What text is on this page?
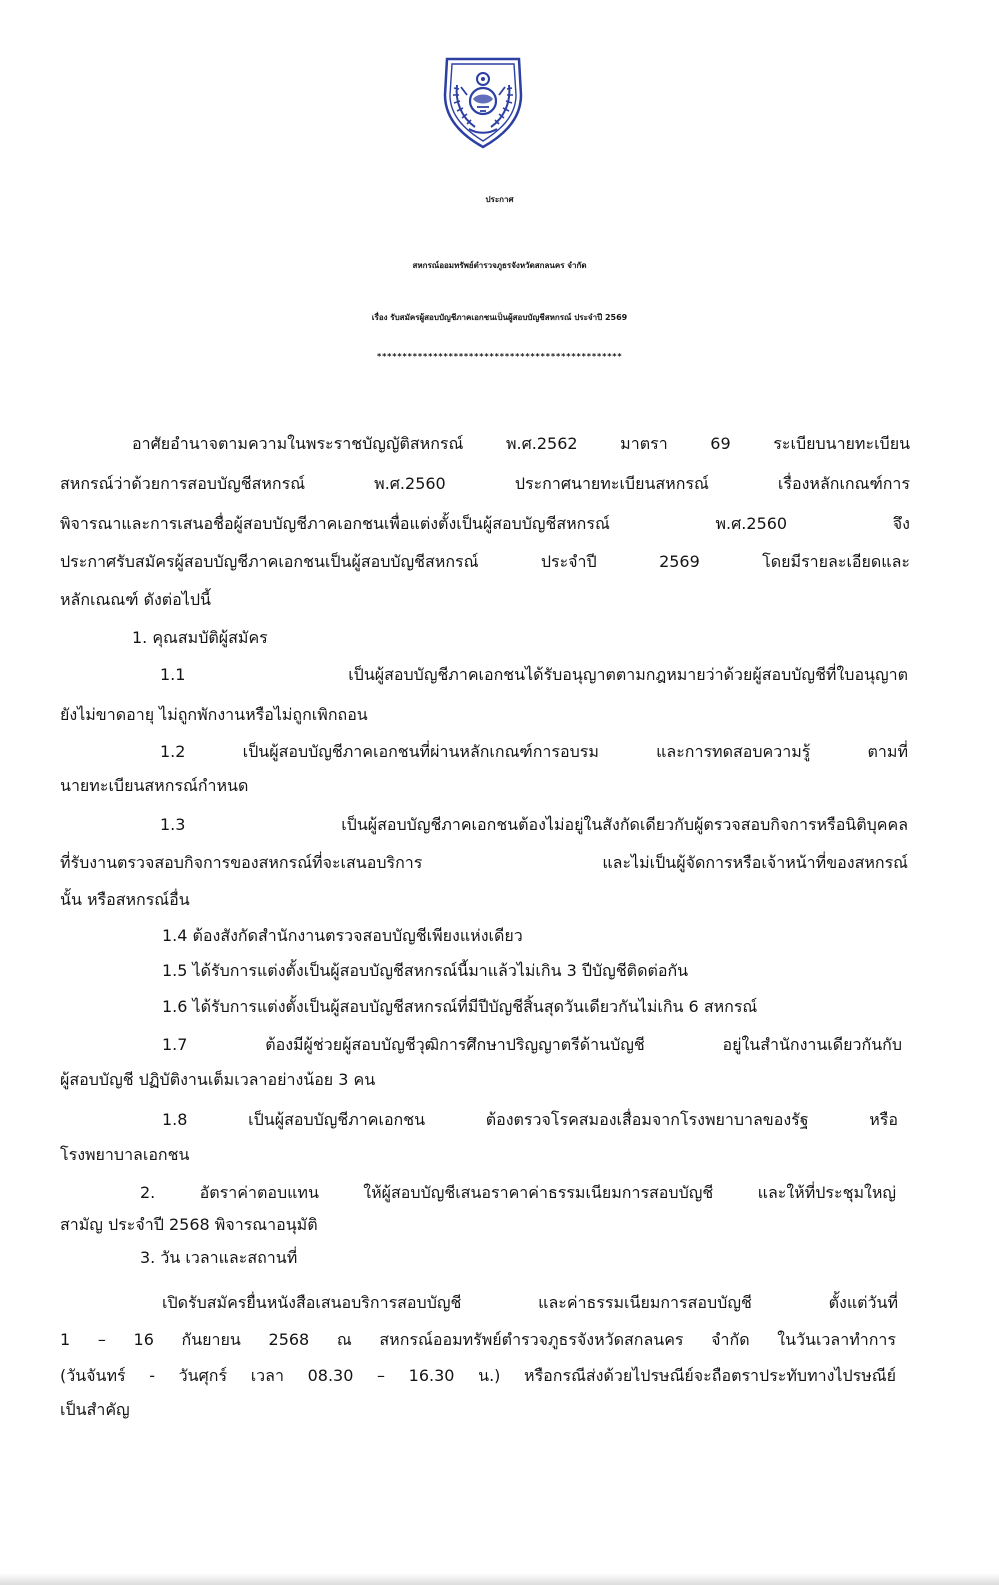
ประกาศ
สหกรณ์ออมทรัพย์ตำรวจภูธรจังหวัดสกลนคร จำกัด
เรื่อง รับสมัครผู้สอบบัญชีภาคเอกชนเป็นผู้สอบบัญชีสหกรณ์ ประจำปี 2569
************************************************

อาศัยอำนาจตามความในพระราชบัญญัติสหกรณ์ พ.ศ.2562 มาตรา 69 ระเบียบนายทะเบียน

สหกรณ์ว่าด้วยการสอบบัญชีสหกรณ์ พ.ศ.2560 ประกาศนายทะเบียนสหกรณ์ เรื่องหลักเกณฑ์การ

พิจารณาและการเสนอชื่อผู้สอบบัญชีภาคเอกชนเพื่อแต่งตั้งเป็นผู้สอบบัญชีสหกรณ์ พ.ศ.2560 จึง

ประกาศรับสมัครผู้สอบบัญชีภาคเอกชนเป็นผู้สอบบัญชีสหกรณ์ ประจำปี 2569 โดยมีรายละเอียดและ

หลักเณณฑ์ ดังต่อไปนี้

1. คุณสมบัติผู้สมัคร

1.1 เป็นผู้สอบบัญชีภาคเอกชนได้รับอนุญาตตามกฎหมายว่าด้วยผู้สอบบัญชีที่ใบอนุญาต

ยังไม่ขาดอายุ ไม่ถูกพักงานหรือไม่ถูกเพิกถอน

1.2 เป็นผู้สอบบัญชีภาคเอกชนที่ผ่านหลักเกณฑ์การอบรม และการทดสอบความรู้ ตามที่

นายทะเบียนสหกรณ์กำหนด

1.3 เป็นผู้สอบบัญชีภาคเอกชนต้องไม่อยู่ในสังกัดเดียวกับผู้ตรวจสอบกิจการหรือนิติบุคคล

ที่รับงานตรวจสอบกิจการของสหกรณ์ที่จะเสนอบริการ และไม่เป็นผู้จัดการหรือเจ้าหน้าที่ของสหกรณ์

นั้น หรือสหกรณ์อื่น

1.4 ต้องสังกัดสำนักงานตรวจสอบบัญชีเพียงแห่งเดียว

1.5 ได้รับการแต่งตั้งเป็นผู้สอบบัญชีสหกรณ์นี้มาแล้วไม่เกิน 3 ปีบัญชีติดต่อกัน

1.6 ได้รับการแต่งตั้งเป็นผู้สอบบัญชีสหกรณ์ที่มีปีบัญชีสิ้นสุดวันเดียวกันไม่เกิน 6 สหกรณ์

1.7 ต้องมีผู้ช่วยผู้สอบบัญชีวุฒิการศึกษาปริญญาตรีด้านบัญชี อยู่ในสำนักงานเดียวกันกับ

ผู้สอบบัญชี ปฏิบัติงานเต็มเวลาอย่างน้อย 3 คน

1.8 เป็นผู้สอบบัญชีภาคเอกชน ต้องตรวจโรคสมองเสื่อมจากโรงพยาบาลของรัฐ หรือ

โรงพยาบาลเอกชน

2. อัตราค่าตอบแทน ให้ผู้สอบบัญชีเสนอราคาค่าธรรมเนียมการสอบบัญชี และให้ที่ประชุมใหญ่

สามัญ ประจำปี 2568 พิจารณาอนุมัติ

3. วัน เวลาและสถานที่

เปิดรับสมัครยื่นหนังสือเสนอบริการสอบบัญชี และค่าธรรมเนียมการสอบบัญชี ตั้งแต่วันที่

1 – 16 กันยายน 2568 ณ สหกรณ์ออมทรัพย์ตำรวจภูธรจังหวัดสกลนคร จำกัด ในวันเวลาทำการ

(วันจันทร์ - วันศุกร์ เวลา 08.30 – 16.30 น.) หรือกรณีส่งด้วยไปรษณีย์จะถือตราประทับทางไปรษณีย์

เป็นสำคัญ
